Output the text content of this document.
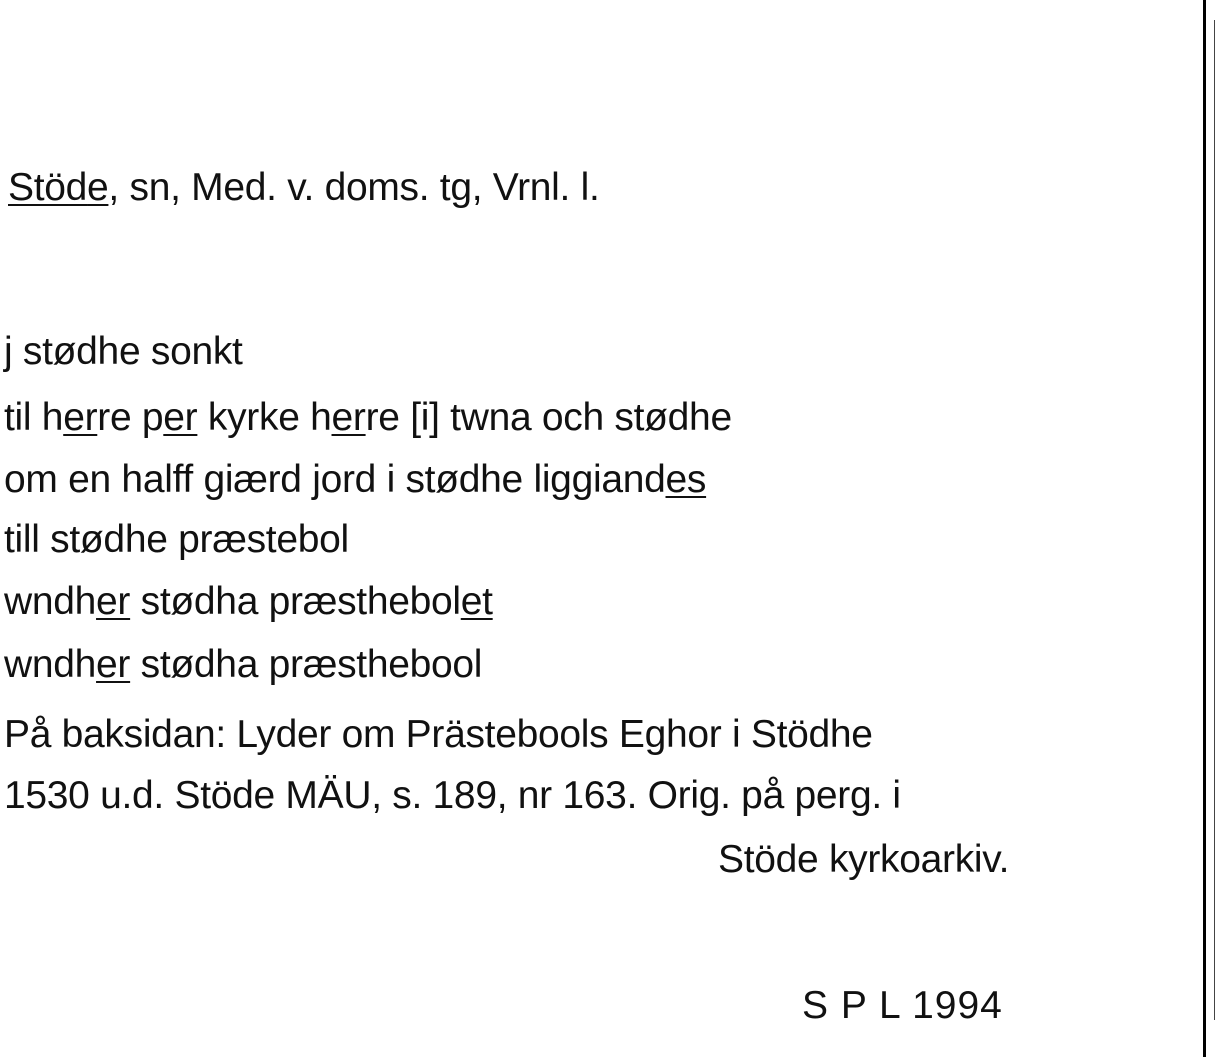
Stöde, sn, Med. v. doms. tg, Vrnl. l.
j stødhe sonkt
til herre per kyrke herre [i] twna och stødhe
om en halff giærd jord i stødhe liggiandes
till stødhe præstebol
wndher stødha præsthebolet
wndher stødha præsthebool
På baksidan: Lyder om Prästebools Eghor i Stödhe
1530 u.d. Stöde MÄU, s. 189, nr 163. Orig. på perg. i
Stöde kyrkoarkiv.
S P L 1994
